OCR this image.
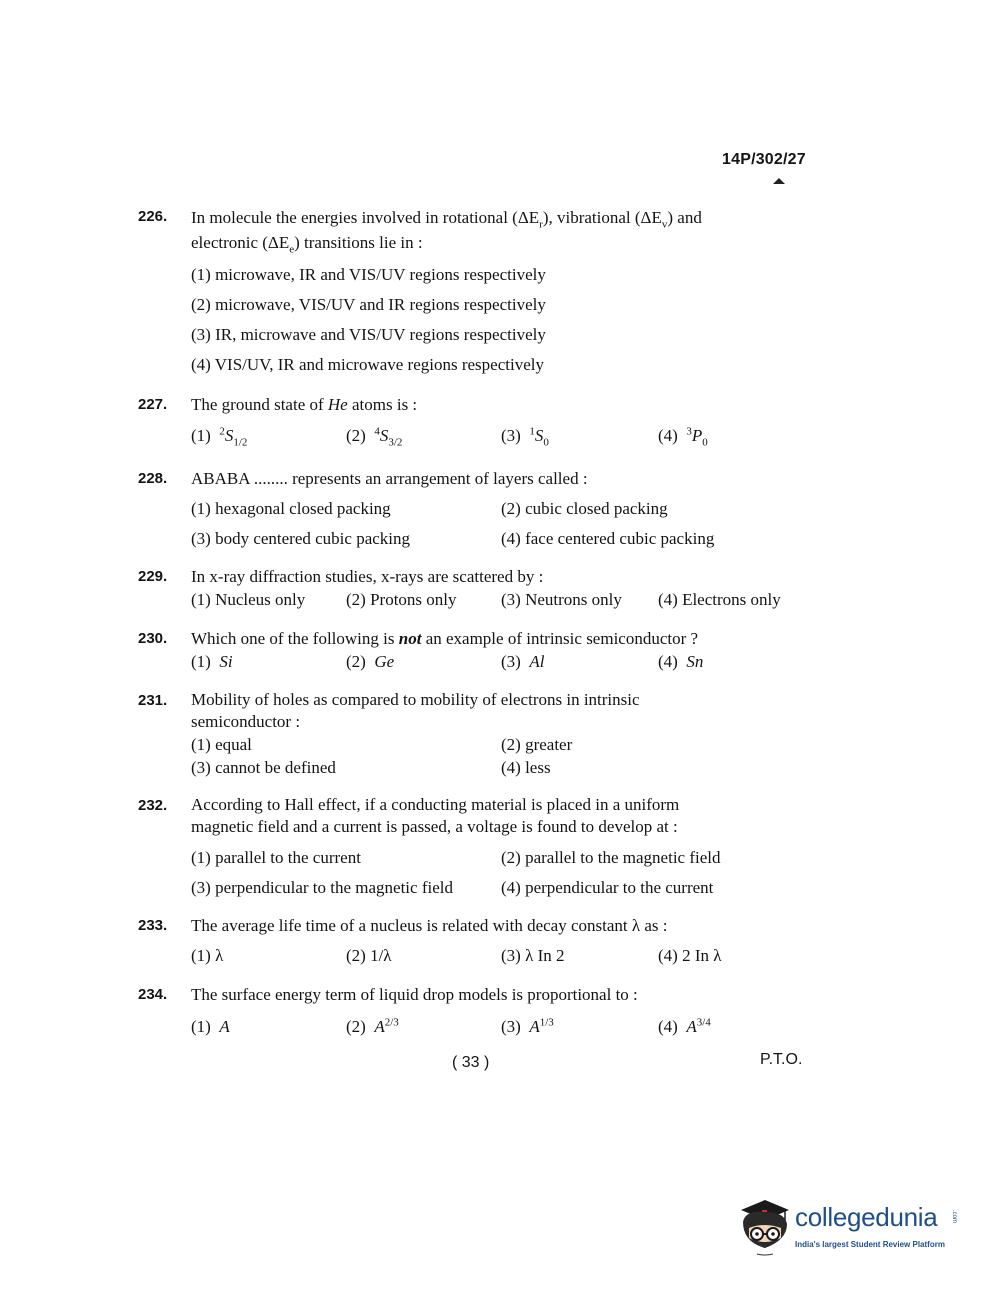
14P/302/27
226. In molecule the energies involved in rotational $(\Delta E_r)$, vibrational $(\Delta E_v)$ and
electronic $(\Delta E_e)$ transitions lie in :
(1) microwave, IR and VIS/UV regions respectively
(2) microwave, VIS/UV and IR regions respectively
(3) IR, microwave and VIS/UV regions respectively
(4) VIS/UV, IR and microwave regions respectively
227. The ground state of He atoms is :
(1) $^2S_{1/2}$	(2) $^4S_{3/2}$	(3) $^1S_0$	(4) $^3P_0$
228. ABABA ........ represents an arrangement of layers called :
(1) hexagonal closed packing	(2) cubic closed packing
(3) body centered cubic packing	(4) face centered cubic packing
229. In x-ray diffraction studies, x-rays are scattered by :
(1) Nucleus only (2) Protons only	(3) Neutrons only (4) Electrons only
230. Which one of the following is not an example of intrinsic semiconductor ?
(1) Si	(2) Ge	(3) Al	(4) Sn
231. Mobility of holes as compared to mobility of electrons in intrinsic
semiconductor :
(1) equal	(2) greater
(3) cannot be defined	(4) less
232. According to Hall effect, if a conducting material is placed in a uniform
magnetic field and a current is passed, a voltage is found to develop at :
(1) parallel to the current	(2) parallel to the magnetic field
(3) perpendicular to the magnetic field	(4) perpendicular to the current
233. The average life time of a nucleus is related with decay constant λ as :
(1) λ	(2) 1/λ	(3) λ In 2	(4) 2 In λ
234. The surface energy term of liquid drop models is proportional to :
(1) A	(2) $A^{2/3}$	(3) $A^{1/3}$	(4) $A^{3/4}$
( 33 )	P.T.O.
collegedunia .com
India's largest Student Review Platform
